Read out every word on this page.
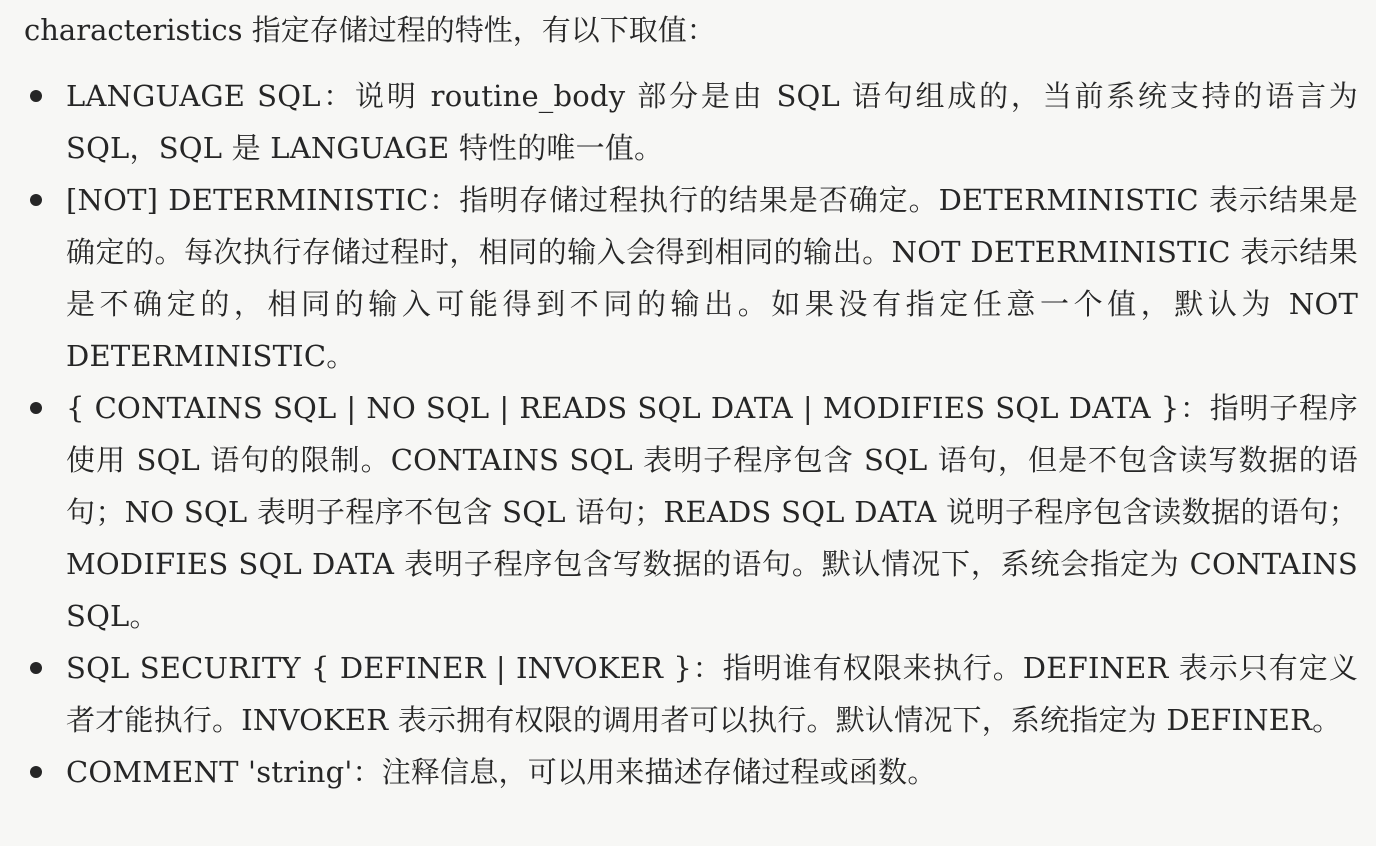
characteristics 指定存储过程的特性，有以下取值：

LANGUAGE SQL：说明 routine_body 部分是由 SQL 语句组成的，当前系统支持的语言为 SQL，SQL 是 LANGUAGE 特性的唯一值。
[NOT] DETERMINISTIC：指明存储过程执行的结果是否确定。DETERMINISTIC 表示结果是确定的。每次执行存储过程时，相同的输入会得到相同的输出。NOT DETERMINISTIC 表示结果是不确定的，相同的输入可能得到不同的输出。如果没有指定任意一个值，默认为 NOT DETERMINISTIC。
{ CONTAINS SQL | NO SQL | READS SQL DATA | MODIFIES SQL DATA }：指明子程序使用 SQL 语句的限制。CONTAINS SQL 表明子程序包含 SQL 语句，但是不包含读写数据的语句；NO SQL 表明子程序不包含 SQL 语句；READS SQL DATA 说明子程序包含读数据的语句；MODIFIES SQL DATA 表明子程序包含写数据的语句。默认情况下，系统会指定为 CONTAINS SQL。
SQL SECURITY { DEFINER | INVOKER }：指明谁有权限来执行。DEFINER 表示只有定义者才能执行。INVOKER 表示拥有权限的调用者可以执行。默认情况下，系统指定为 DEFINER。
COMMENT 'string'：注释信息，可以用来描述存储过程或函数。
